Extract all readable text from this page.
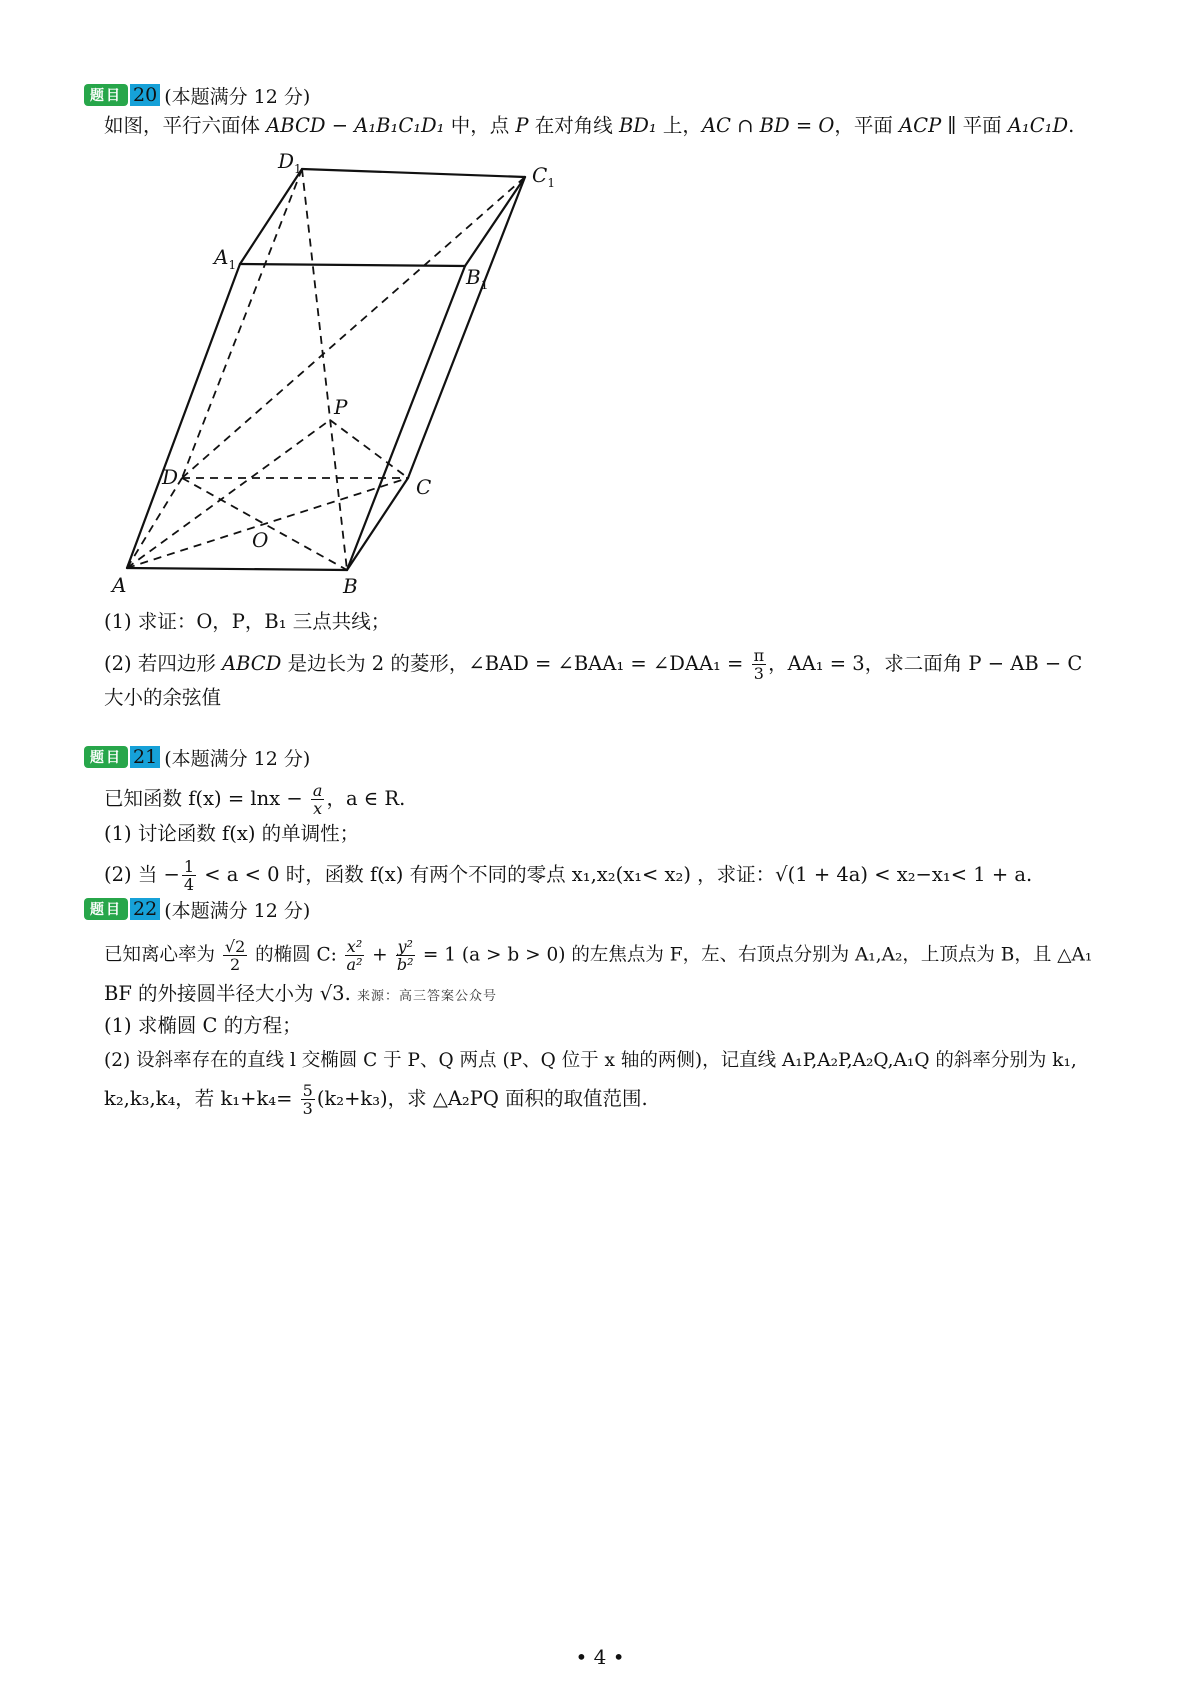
题目 20 (本题满分 12 分)
如图，平行六面体 ABCD − A₁B₁C₁D₁ 中，点 P 在对角线 BD₁ 上，AC ∩ BD = O，平面 ACP ∥ 平面 A₁C₁D.
$D_1$	$C_1$
$A_1$	$B_1$
P
D	C
O
A	B
(1) 求证：O，P，B₁ 三点共线；
(2) 若四边形 ABCD 是边长为 2 的菱形，∠BAD = ∠BAA₁ = ∠DAA₁ = $\frac{\pi}{3}$ ，AA₁ = 3，求二面角 P − AB − C
大小的余弦值
题目 21 (本题满分 12 分)
已知函数 $f(x) = \ln x - \frac{a}{x}$ ，a ∈ R.
(1) 讨论函数 f(x) 的单调性；
(2) 当 − $\frac{1}{4} < a < 0$ 时，函数 f(x) 有两个不同的零点 x₁,x₂(x₁< x₂) ，求证：√(1 + 4a) < x₂−x₁< 1 + a.
题目 22 (本题满分 12 分)
已知离心率为 $\frac{√2}{2}$ 的椭圆 C: $\frac{\text{x²}}{\text{a²}} + \frac{\text{y²}}{\text{b²}} = 1$ (a > b > 0) 的左焦点为 F，左、右顶点分别为 A₁,A₂，上顶点为 B，且 △A₁
BF 的外接圆半径大小为 √3. 来源：高三答案公众号
(1) 求椭圆 C 的方程；
(2) 设斜率存在的直线 l 交椭圆 C 于 P、Q 两点 (P、Q 位于 x 轴的两侧)，记直线 A₁P,A₂P,A₂Q,A₁Q 的斜率分别为 k₁,
k₂,k₃,k₄，若 $k_1+k_4= \frac{5}{3} (k_2+k_3)$，求 △A₂PQ 面积的取值范围.
• 4 •
